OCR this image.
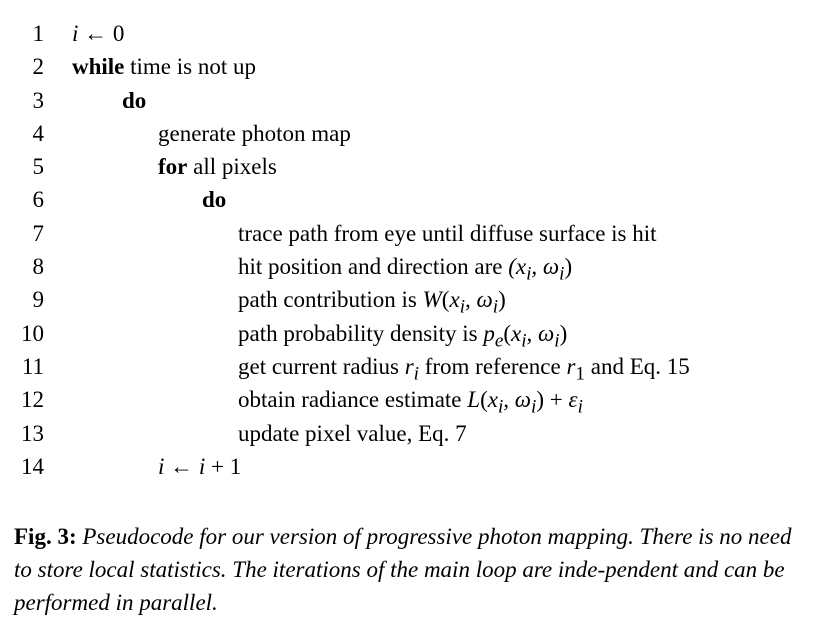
1 i ← 0
2 while time is not up
3	do
4	generate photon map
5	for all pixels
6	do
7	trace path from eye until diffuse surface is hit
8	hit position and direction are ($x_i$, $\omega_i$)
9	path contribution is $W(x_i$, $\omega_i$)
10	path probability density is $p_e(x_i$, $\omega_i$)
11	get current radius $r_i$ from reference $r_1$ and Eq. 15
12	obtain radiance estimate $L(x_i$, $\omega_i) + \varepsilon_i$
13	update pixel value, Eq. 7
14	i ← i + 1
Fig. 3: Pseudocode for our version of progressive photon mapping. There is no need to store local statistics. The iterations of the main loop are inde-pendent and can be performed in parallel.
